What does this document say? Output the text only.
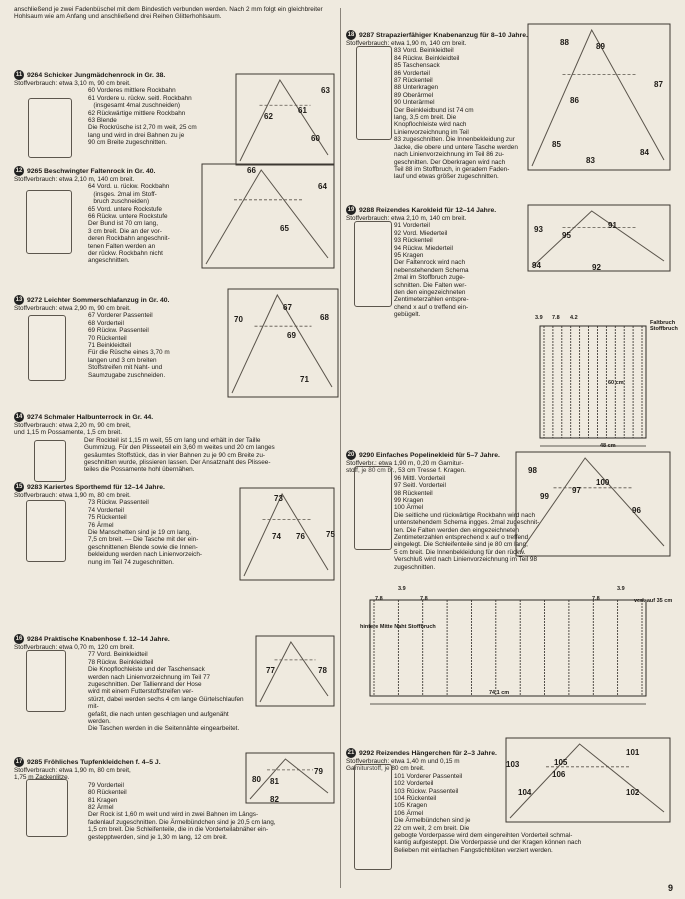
anschließend je zwei Fadenbüschel mit dem Bindestich verbunden werden. Nach 2 mm folgt ein gleichbreiter Hohlsaum wie am Anfang und anschließend drei Reihen Glitterhohlsaum.
11 9264 Schicker Jungmädchenrock in Gr. 38.
Stoffverbrauch: etwa 3,10 m, 90 cm breit.
60 Vorderes mittlere Rockbahn
61 Vordere u. rückw. seitl. Rockbahn
(insgesamt 4mal zuschneiden)
62 Rückwärtige mittlere Rockbahn
63 Blende
Die Rockrüsche ist 2,70 m weit, 25 cm
lang und wird in drei Bahnen zu je
90 cm Breite zugeschnitten.
62
61
60
63
12 9265 Beschwingter Faltenrock in Gr. 40.
Stoffverbrauch: etwa 2,10 m, 140 cm breit.
64 Vord. u. rückw. Rockbahn
(insges. 2mal im Stoff-
bruch zuschneiden)
65 Vord. untere Rockstufe
66 Rückw. untere Rockstufe
Der Bund ist 70 cm lang,
3 cm breit. Die an der vor-
deren Rockbahn angeschnit-
tenen Falten werden an
der rückw. Rockbahn nicht
angeschnitten.
66
64
65
13 9272 Leichter Sommerschlafanzug in Gr. 40.
Stoffverbrauch: etwa 2,90 m, 90 cm breit.
67 Vorderer Passenteil
68 Vorderteil
69 Rückw. Passenteil
70 Rückenteil
71 Beinkleidteil
Für die Rüsche eines 3,70 m
langen und 3 cm breiten
Stoffstreifen mit Naht- und
Saumzugabe zuschneiden.
70
67
69
68
71
14 9274 Schmaler Halbunterrock in Gr. 44.
Stoffverbrauch: etwa 2,20 m, 90 cm breit,
und 1,15 m Possamente, 1,5 cm breit.
Der Rockteil ist 1,15 m weit, 55 cm lang und erhält in der Taille
Gummizug. Für den Plisseeteil ein 3,60 m weites und 20 cm langes
gesäumtes Stoffstück, das in vier Bahnen zu je 90 cm Breite zu-
geschnitten wurde, plissieren lassen. Der Ansatznaht des Plissee-
teiles die Possamente hohl übernähen.
15 9283 Kariertes Sporthemd für 12–14 Jahre.
Stoffverbrauch: etwa 1,90 m, 80 cm breit.
73 Rückw. Passenteil
74 Vorderteil
75 Rückenteil
76 Ärmel
Die Manschetten sind je 19 cm lang,
7,5 cm breit. — Die Tasche mit der ein-
geschnittenen Blende sowie die Innen-
bekleidung werden nach Linienvorzeich-
nung im Teil 74 zugeschnitten.
73
74 76	75
16 9284 Praktische Knabenhose f. 12–14 Jahre.
Stoffverbrauch: etwa 0,70 m, 120 cm breit.
77 Vord. Beinkleidteil
78 Rückw. Beinkleidteil
Die Knopflochleiste und der Taschensack
werden nach Linienvorzeichnung im Teil 77
zugeschnitten. Der Tallienrand der Hose
wird mit einem Futterstoffstreifen ver-
stürzt, dabei werden sechs 4 cm lange Gürtelschlaufen mit-
gefaßt, die nach unten geschlagen und aufgenäht werden.
Die Taschen werden in die Seitennähte eingearbeitet.
77	78
17 9285 Fröhliches Tupfenkleidchen f. 4–5 J.
Stoffverbrauch: etwa 1,90 m, 80 cm breit,
1,75 m Zackenlitze.
79 Vorderteil
80 Rückenteil
81 Kragen
82 Ärmel
Der Rock ist 1,60 m weit und wird in zwei Bahnen im Längs-
fadenlauf zugeschnitten. Die Ärmelbündchen sind je 20,5 cm lang,
1,5 cm breit. Die Schleifenteile, die in die Vorderteilabnäher ein-
gestepptwerden, sind je 1,30 m lang, 12 cm breit.
80 81
82
79
18 9287 Strapazierfähiger Knabenanzug für 8–10 Jahre.
Stoffverbrauch: etwa 1,90 m, 140 cm breit.
83 Vord. Beinkleidteil
84 Rückw. Beinkleidteil
85 Taschensack
86 Vorderteil
87 Rückenteil
88 Unterkragen
89 Oberärmel
90 Unterärmel
Der Beinkleidbund ist 74 cm
lang, 3,5 cm breit. Die
Knopflochleiste wird nach
Linienvorzeichnung im Teil
83 zugeschnitten. Die Innenbekleidung zur
Jacke, die obere und untere Tasche werden
nach Linienvorzeichnung im Teil 86 zu-
geschnitten. Der Oberkragen wird nach
Teil 88 im Stoffbruch, in geradem Faden-
lauf und etwas größer zugeschnitten.
88	89
87
86
85
83
84
19 9288 Reizendes Karokleid für 12–14 Jahre.
Stoffverbrauch: etwa 2,10 m, 140 cm breit.
91 Vorderteil
92 Vord. Miederteil
93 Rückenteil
94 Rückw. Miederteil
95 Kragen
Der Faltenrock wird nach
nebenstehendem Schema
2mal im Stoffbruch zuge-
schnitten. Die Falten wer-
den den eingezeichneten
Zentimeterzahlen entspre-
chend x auf o treffend ein-
gebügelt.
93
95
91
94	92
20 9290 Einfaches Popelinekleid für 5–7 Jahre.
Stoffverbr.: etwa 1,90 m, 0,20 m Garnitur-
stoff, je 80 cm br., 53 cm Tresse f. Kragen.
96 Mittl. Vorderteil
97 Seitl. Vorderteil
98 Rückenteil
99 Kragen
100 Ärmel
Die seitliche und rückwärtige Rockbahn wird nach
untenstehendem Schema ingges. 2mal zugeschnit-
ten. Die Falten werden den eingezeichneten
Zentimeterzahlen entsprechend x auf o treffend
eingelegt. Die Schleifenteile sind je 80 cm lang,
5 cm breit. Die Innenbekleidung für den rückw.
Verschluß wird nach Linienvorzeichnung im Teil 98
zugeschnitten.
98
100
99
97
96
21 9292 Reizendes Hängerchen für 2–3 Jahre.
Stoffverbrauch: etwa 1,40 m und 0,15 m
Garniturstoff, je 80 cm breit.
101 Vorderer Passenteil
102 Vorderteil
103 Rückw. Passenteil
104 Rückenteil
105 Kragen
106 Ärmel
Die Ärmelbündchen sind je
22 cm weit, 2 cm breit. Die
gebogte Vorderpasse wird dem eingereihten Vorderteil schmal-
kantig aufgesteppt. Die Vorderpasse und der Kragen können nach
Belieben mit einfachen Fangstichblüten verziert werden.
103	105
101
104
106
102
9
48 cm
60 cm
Faltbruch Stoffbruch
3.9 7.8 4.2
74.1 cm
verl. auf 35 cm
hintere Mitte Naht Stoffbruch
3.9
7.8	7.8	7.8
3.9
